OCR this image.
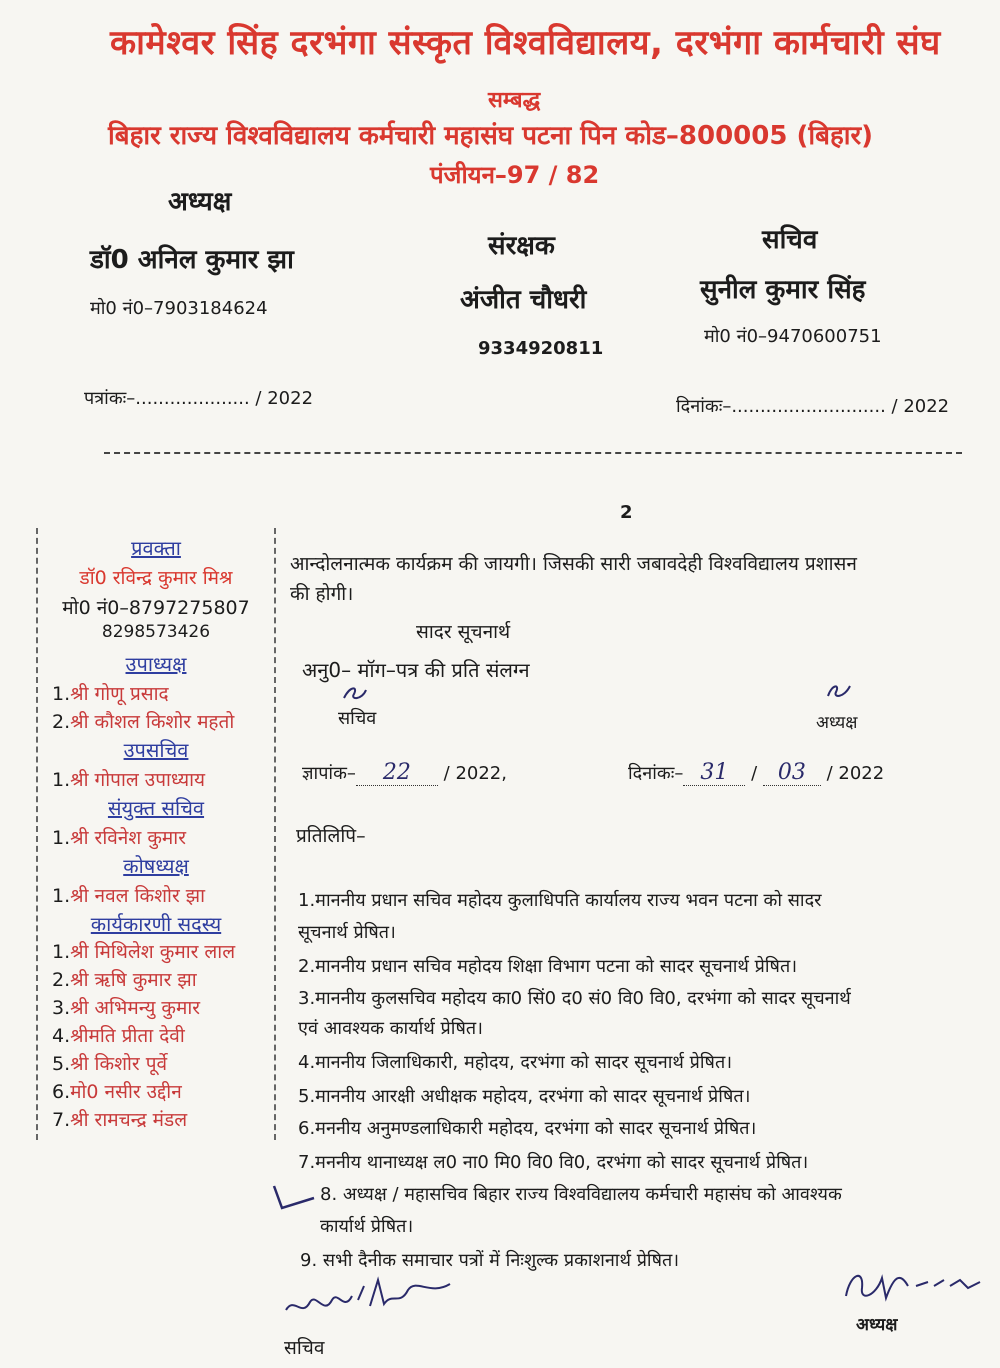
कामेश्वर सिंह दरभंगा संस्कृत विश्वविद्यालय, दरभंगा कार्मचारी संघ
सम्बद्ध
बिहार राज्य विश्वविद्यालय कर्मचारी महासंघ पटना पिन कोड–800005 (बिहार)
पंजीयन–97 / 82
अध्यक्ष
डॉ0 अनिल कुमार झा
मो0 नं0–7903184624
संरक्षक
अंजीत चौधरी
9334920811
सचिव
सुनील कुमार सिंह
मो0 नं0–9470600751
पत्रांकः–.................... / 2022	दिनांकः–........................... / 2022
2
प्रवक्ता
डॉ0 रविन्द्र कुमार मिश्र
मो0 नं0–8797275807
8298573426
उपाध्यक्ष
1.श्री गोणू प्रसाद
2.श्री कौशल किशोर महतो
उपसचिव
1.श्री गोपाल उपाध्याय
संयुक्त सचिव
1.श्री रविनेश कुमार
कोषध्यक्ष
1.श्री नवल किशोर झा
कार्यकारणी सदस्य
1.श्री मिथिलेश कुमार लाल
2.श्री ऋषि कुमार झा
3.श्री अभिमन्यु कुमार
4.श्रीमति प्रीता देवी
5.श्री किशोर पूर्वे
6.मो0 नसीर उद्दीन
7.श्री रामचन्द्र मंडल
आन्दोलनात्मक कार्यक्रम की जायगी। जिसकी सारी जबावदेही विश्वविद्यालय प्रशासन
की होगी।
सादर सूचनार्थ
अनु0– मॉग–पत्र की प्रति संलग्न
सचिव	अध्यक्ष
ज्ञापांक– 22 / 2022,	दिनांकः– 31 / 03 / 2022
प्रतिलिपि–
1.माननीय प्रधान सचिव महोदय कुलाधिपति कार्यालय राज्य भवन पटना को सादर
सूचनार्थ प्रेषित।
2.माननीय प्रधान सचिव महोदय शिक्षा विभाग पटना को सादर सूचनार्थ प्रेषित।
3.माननीय कुलसचिव महोदय का0 सिं0 द0 सं0 वि0 वि0, दरभंगा को सादर सूचनार्थ
एवं आवश्यक कार्यार्थ प्रेषित।
4.माननीय जिलाधिकारी, महोदय, दरभंगा को सादर सूचनार्थ प्रेषित।
5.माननीय आरक्षी अधीक्षक महोदय, दरभंगा को सादर सूचनार्थ प्रेषित।
6.मननीय अनुमण्डलाधिकारी महोदय, दरभंगा को सादर सूचनार्थ प्रेषित।
7.मननीय थानाध्यक्ष ल0 ना0 मि0 वि0 वि0, दरभंगा को सादर सूचनार्थ प्रेषित।
8. अध्यक्ष / महासचिव बिहार राज्य विश्वविद्यालय कर्मचारी महासंघ को आवश्यक
कार्यार्थ प्रेषित।
9. सभी दैनीक समाचार पत्रों में निःशुल्क प्रकाशनार्थ प्रेषित।
सचिव
अध्यक्ष
